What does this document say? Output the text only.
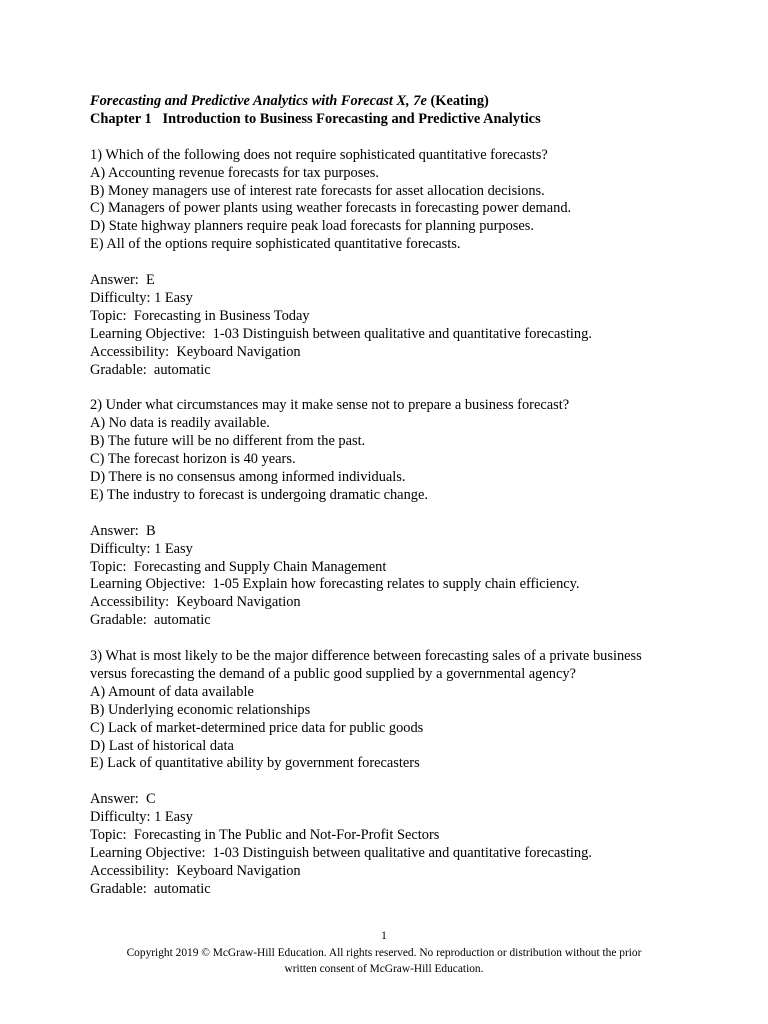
Forecasting and Predictive Analytics with Forecast X, 7e (Keating)
Chapter 1 Introduction to Business Forecasting and Predictive Analytics
1) Which of the following does not require sophisticated quantitative forecasts?
A) Accounting revenue forecasts for tax purposes.
B) Money managers use of interest rate forecasts for asset allocation decisions.
C) Managers of power plants using weather forecasts in forecasting power demand.
D) State highway planners require peak load forecasts for planning purposes.
E) All of the options require sophisticated quantitative forecasts.
Answer:  E
Difficulty: 1 Easy
Topic:  Forecasting in Business Today
Learning Objective:  1-03 Distinguish between qualitative and quantitative forecasting.
Accessibility:  Keyboard Navigation
Gradable:  automatic
2) Under what circumstances may it make sense not to prepare a business forecast?
A) No data is readily available.
B) The future will be no different from the past.
C) The forecast horizon is 40 years.
D) There is no consensus among informed individuals.
E) The industry to forecast is undergoing dramatic change.
Answer:  B
Difficulty: 1 Easy
Topic:  Forecasting and Supply Chain Management
Learning Objective:  1-05 Explain how forecasting relates to supply chain efficiency.
Accessibility:  Keyboard Navigation
Gradable:  automatic
3) What is most likely to be the major difference between forecasting sales of a private business
versus forecasting the demand of a public good supplied by a governmental agency?
A) Amount of data available
B) Underlying economic relationships
C) Lack of market-determined price data for public goods
D) Last of historical data
E) Lack of quantitative ability by government forecasters
Answer:  C
Difficulty: 1 Easy
Topic:  Forecasting in The Public and Not-For-Profit Sectors
Learning Objective:  1-03 Distinguish between qualitative and quantitative forecasting.
Accessibility:  Keyboard Navigation
Gradable:  automatic
1
Copyright 2019 © McGraw-Hill Education. All rights reserved. No reproduction or distribution without the prior
written consent of McGraw-Hill Education.
